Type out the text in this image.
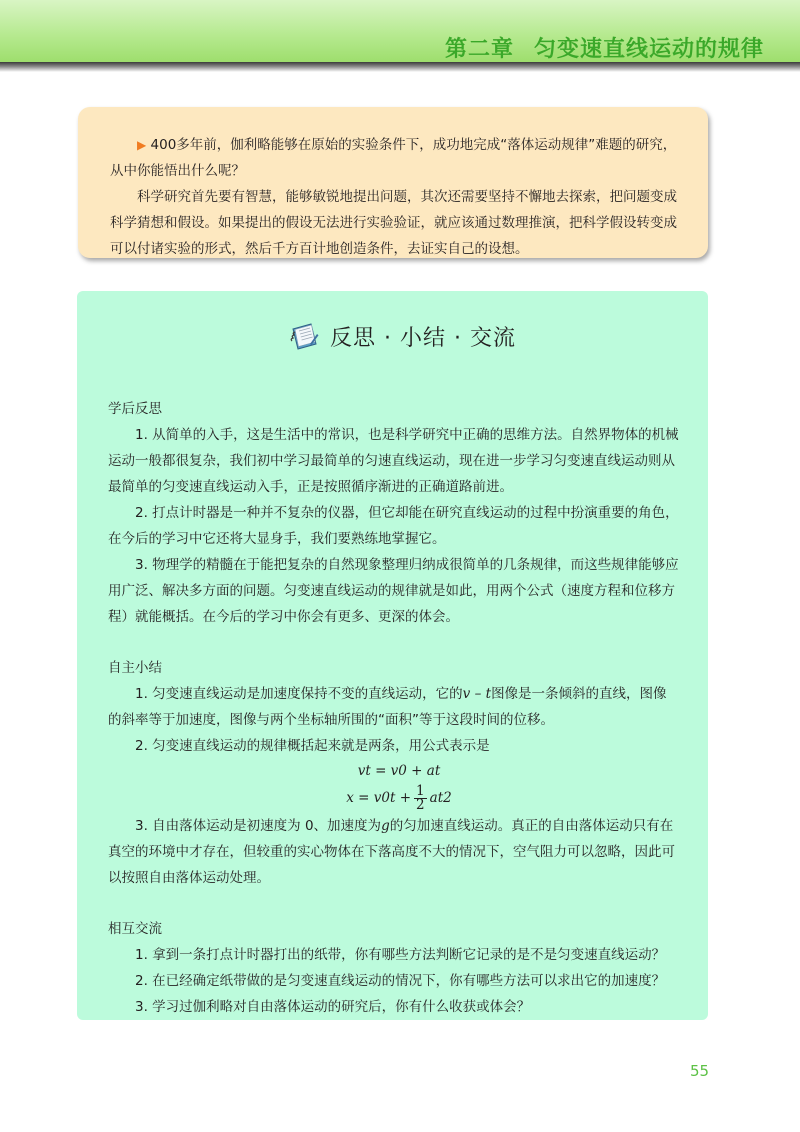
第二章 匀变速直线运动的规律

▶ 400多年前，伽利略能够在原始的实验条件下，成功地完成“落体运动规律”难题的研究，从中你能悟出什么呢？

科学研究首先要有智慧，能够敏锐地提出问题，其次还需要坚持不懈地去探索，把问题变成科学猜想和假设。如果提出的假设无法进行实验验证，就应该通过数理推演，把科学假设转变成可以付诸实验的形式，然后千方百计地创造条件，去证实自己的设想。

反思 · 小结 · 交流

学后反思

1. 从简单的入手，这是生活中的常识，也是科学研究中正确的思维方法。自然界物体的机械运动一般都很复杂，我们初中学习最简单的匀速直线运动，现在进一步学习匀变速直线运动则从最简单的匀变速直线运动入手，正是按照循序渐进的正确道路前进。

2. 打点计时器是一种并不复杂的仪器，但它却能在研究直线运动的过程中扮演重要的角色，在今后的学习中它还将大显身手，我们要熟练地掌握它。

3. 物理学的精髓在于能把复杂的自然现象整理归纳成很简单的几条规律，而这些规律能够应用广泛、解决多方面的问题。匀变速直线运动的规律就是如此，用两个公式（速度方程和位移方程）就能概括。在今后的学习中你会有更多、更深的体会。

自主小结

1. 匀变速直线运动是加速度保持不变的直线运动，它的v – t图像是一条倾斜的直线，图像的斜率等于加速度，图像与两个坐标轴所围的“面积”等于这段时间的位移。

2. 匀变速直线运动的规律概括起来就是两条，用公式表示是

vt = v0 + at

$x = v0t + \frac{1}{2} at2$

3. 自由落体运动是初速度为 0、加速度为g的匀加速直线运动。真正的自由落体运动只有在真空的环境中才存在，但较重的实心物体在下落高度不大的情况下，空气阻力可以忽略，因此可以按照自由落体运动处理。

相互交流

1. 拿到一条打点计时器打出的纸带，你有哪些方法判断它记录的是不是匀变速直线运动？

2. 在已经确定纸带做的是匀变速直线运动的情况下，你有哪些方法可以求出它的加速度？

3. 学习过伽利略对自由落体运动的研究后，你有什么收获或体会？

55
